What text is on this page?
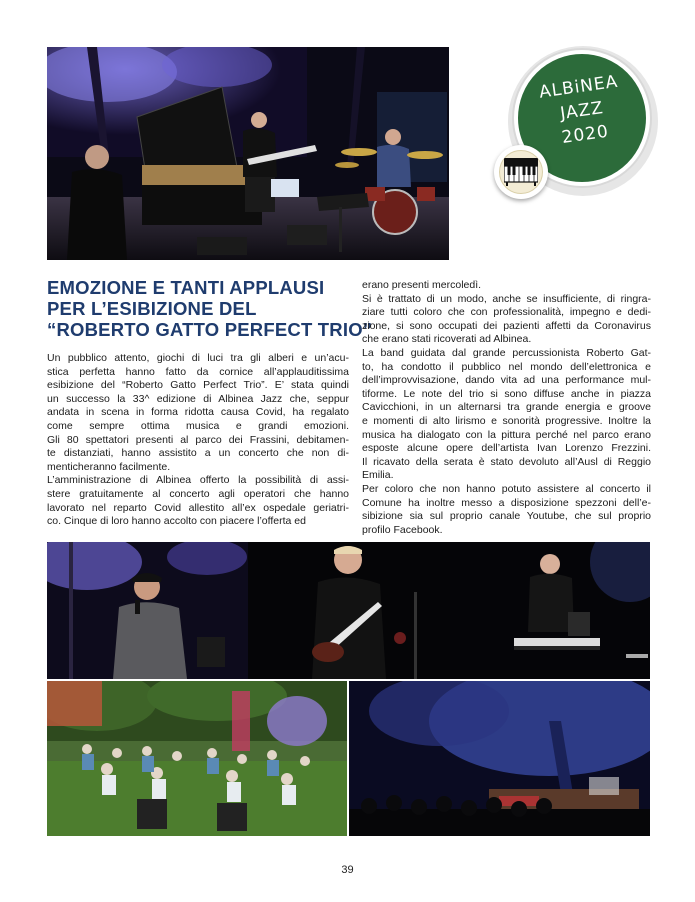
ALBiNEA
JAZZ
2020
EMOZIONE E TANTI APPLAUSI
PER L’ESIBIZIONE DEL
“ROBERTO GATTO PERFECT TRIO”
Un pubblico attento, giochi di luci tra gli alberi e un’acu-
stica perfetta hanno fatto da cornice all’applauditissima
esibizione del “Roberto Gatto Perfect Trio”. E’ stata quindi
un successo la 33^ edizione di Albinea Jazz che, seppur
andata in scena in forma ridotta causa Covid, ha regalato
come sempre ottima musica e grandi emozioni.
Gli 80 spettatori presenti al parco dei Frassini, debitamen-
te distanziati, hanno assistito a un concerto che non di-
menticheranno facilmente.
L’amministrazione di Albinea offerto la possibilità di assi-
stere gratuitamente al concerto agli operatori che hanno
lavorato nel reparto Covid allestito all’ex ospedale geriatri-
co. Cinque di loro hanno accolto con piacere l’offerta ed
erano presenti mercoledì.
Si è trattato di un modo, anche se insufficiente, di ringra-
ziare tutti coloro che con professionalità, impegno e dedi-
zione, si sono occupati dei pazienti affetti da Coronavirus
che erano stati ricoverati ad Albinea.
La band guidata dal grande percussionista Roberto Gat-
to, ha condotto il pubblico nel mondo dell’elettronica e
dell’improvvisazione, dando vita ad una performance mul-
tiforme. Le note del trio si sono diffuse anche in piazza
Cavicchioni, in un alternarsi tra grande energia e groove
e momenti di alto lirismo e sonorità progressive. Inoltre la
musica ha dialogato con la pittura perché nel parco erano
esposte alcune opere dell’artista Ivan Lorenzo Frezzini.
Il ricavato della serata è stato devoluto all’Ausl di Reggio
Emilia.
Per coloro che non hanno potuto assistere al concerto il
Comune ha inoltre messo a disposizione spezzoni dell’e-
sibizione sia sul proprio canale Youtube, che sul proprio
profilo Facebook.
39
